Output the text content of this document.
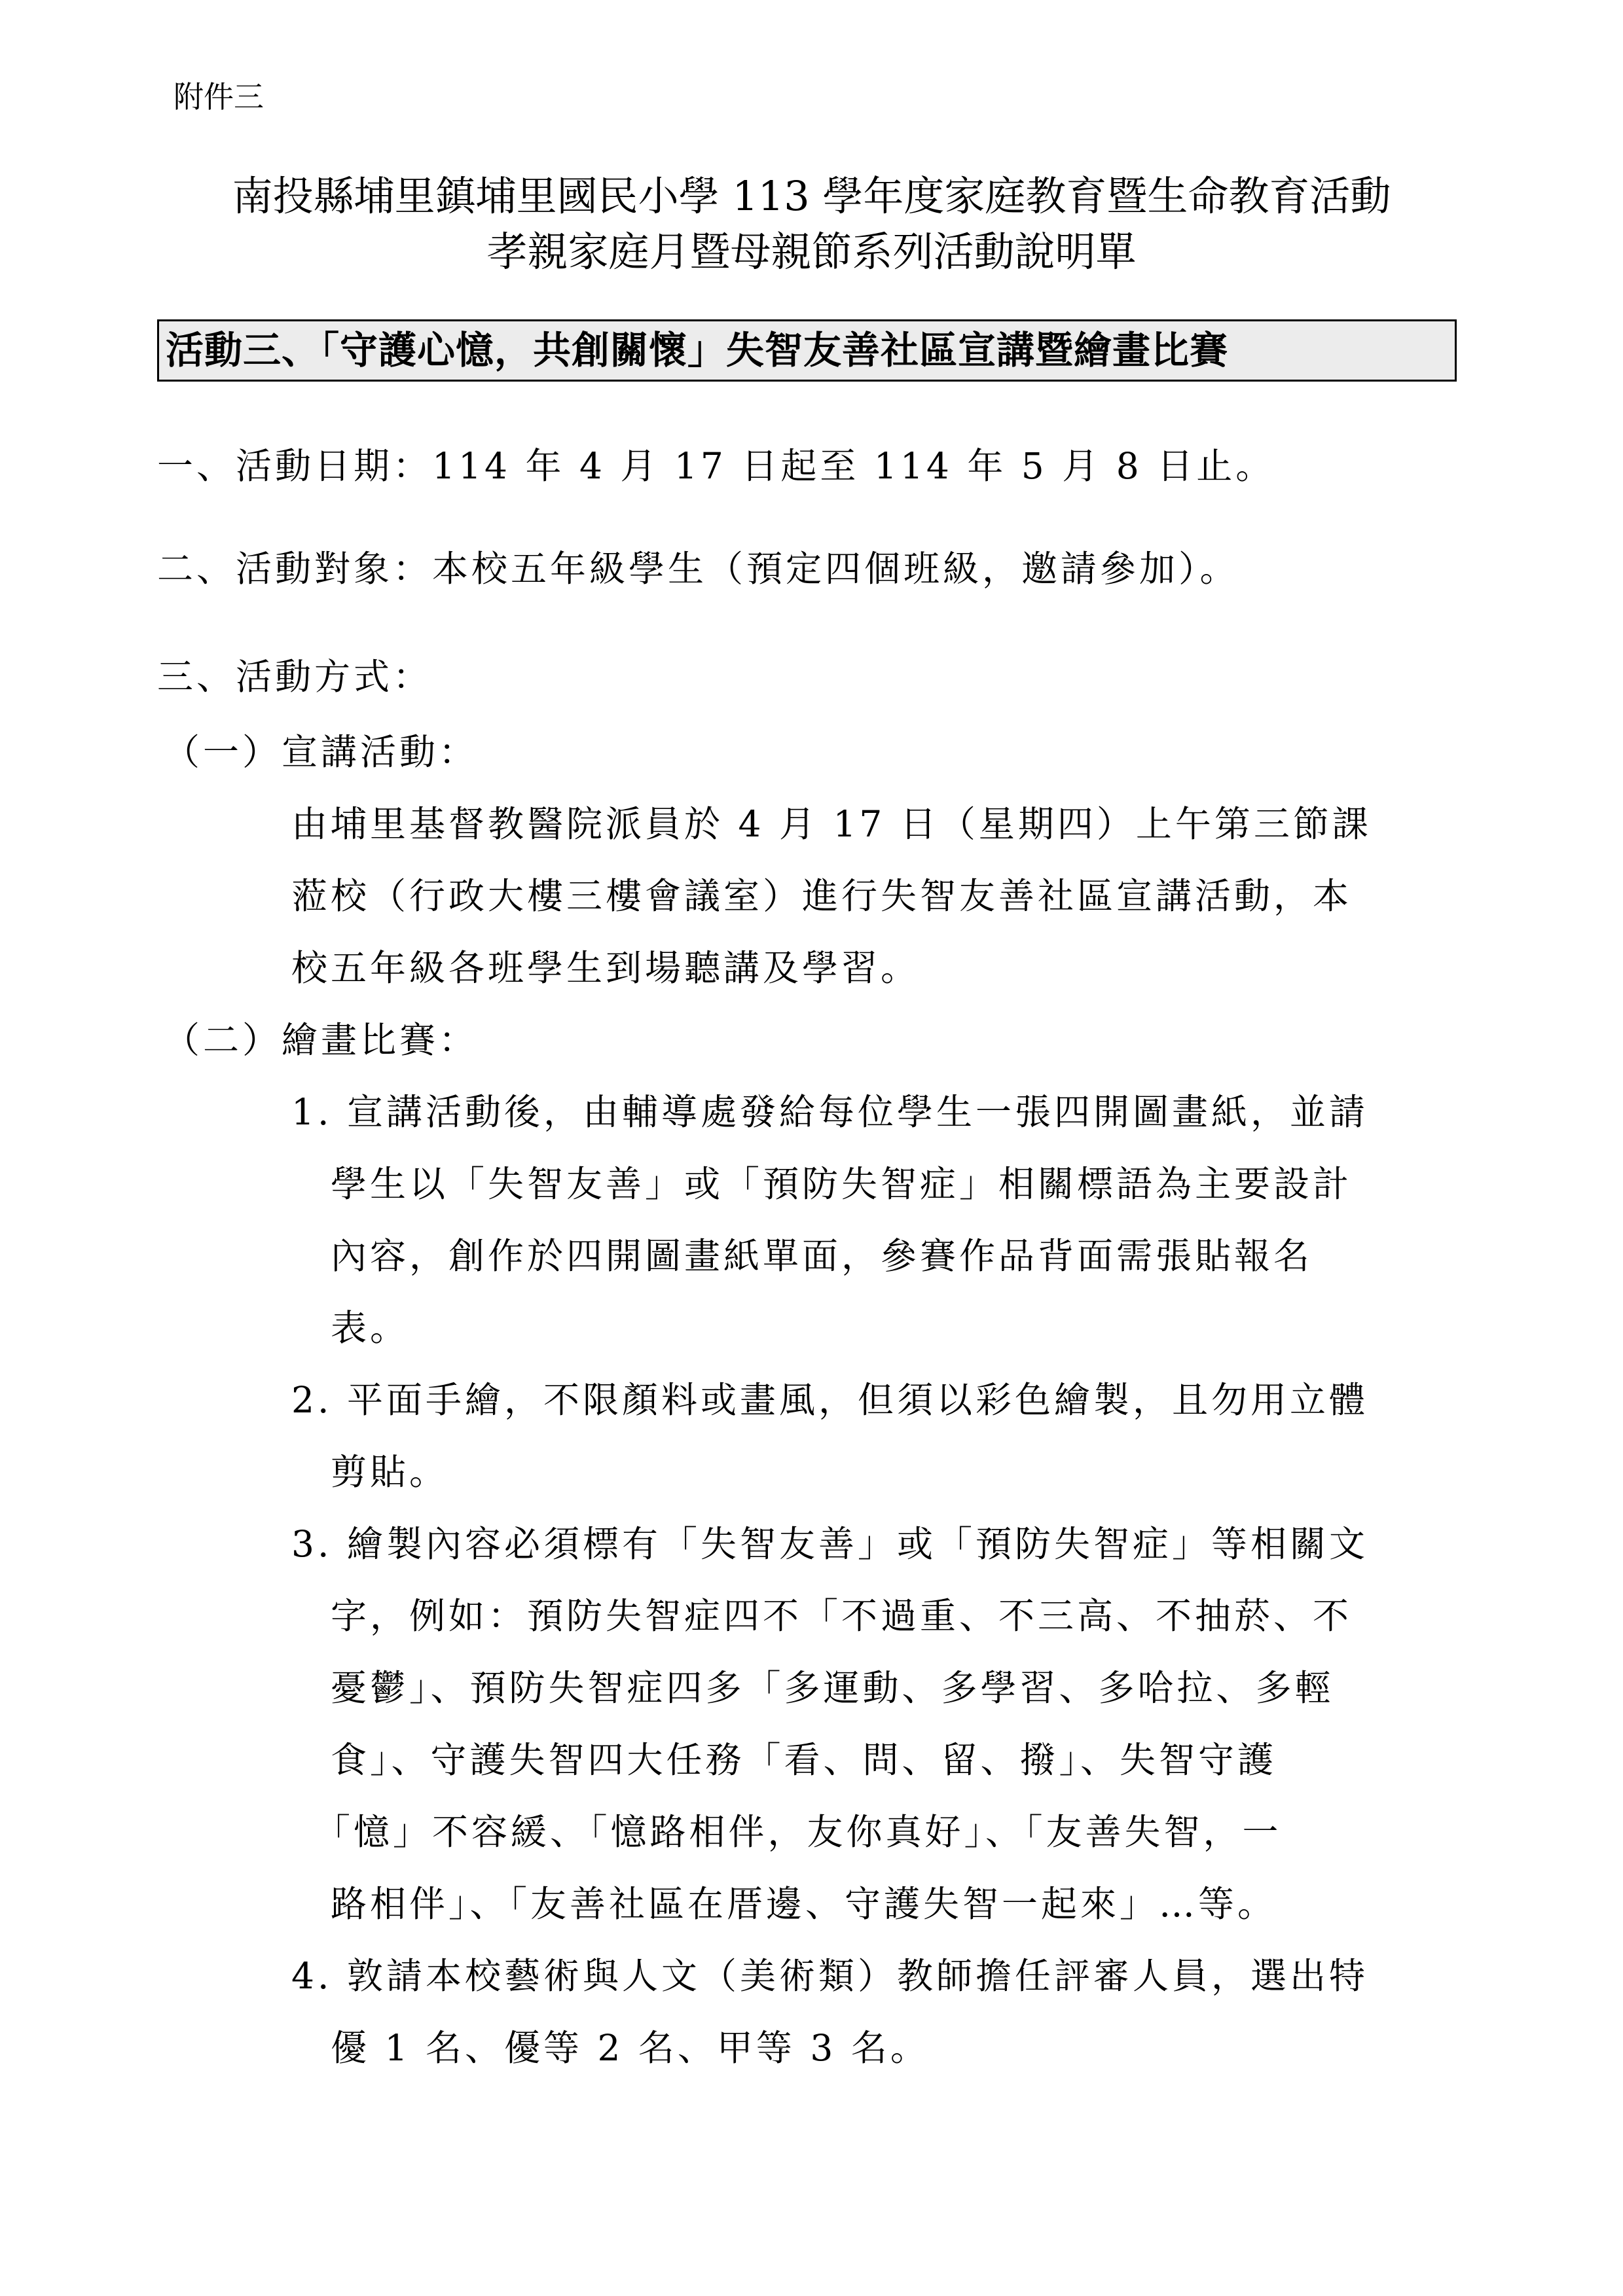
附件三
南投縣埔里鎮埔里國民小學 113 學年度家庭教育暨生命教育活動
孝親家庭月暨母親節系列活動說明單
活動三、「守護心憶，共創關懷」失智友善社區宣講暨繪畫比賽
一、活動日期：114 年 4 月 17 日起至 114 年 5 月 8 日止。
二、活動對象：本校五年級學生（預定四個班級，邀請參加）。
三、活動方式：
（一）宣講活動：
由埔里基督教醫院派員於 4 月 17 日（星期四）上午第三節課
蒞校（行政大樓三樓會議室）進行失智友善社區宣講活動，本
校五年級各班學生到場聽講及學習。
（二）繪畫比賽：
1. 宣講活動後，由輔導處發給每位學生一張四開圖畫紙，並請
學生以「失智友善」或「預防失智症」相關標語為主要設計
內容，創作於四開圖畫紙單面，參賽作品背面需張貼報名
表。
2. 平面手繪，不限顏料或畫風，但須以彩色繪製，且勿用立體
剪貼。
3. 繪製內容必須標有「失智友善」或「預防失智症」等相關文
字，例如：預防失智症四不「不過重、不三高、不抽菸、不
憂鬱」、預防失智症四多「多運動、多學習、多哈拉、多輕
食」、守護失智四大任務「看、問、留、撥」、失智守護
「憶」不容緩、「憶路相伴，友你真好」、「友善失智，一
路相伴」、「友善社區在厝邊、守護失智一起來」…等。
4. 敦請本校藝術與人文（美術類）教師擔任評審人員，選出特
優 1 名、優等 2 名、甲等 3 名。
